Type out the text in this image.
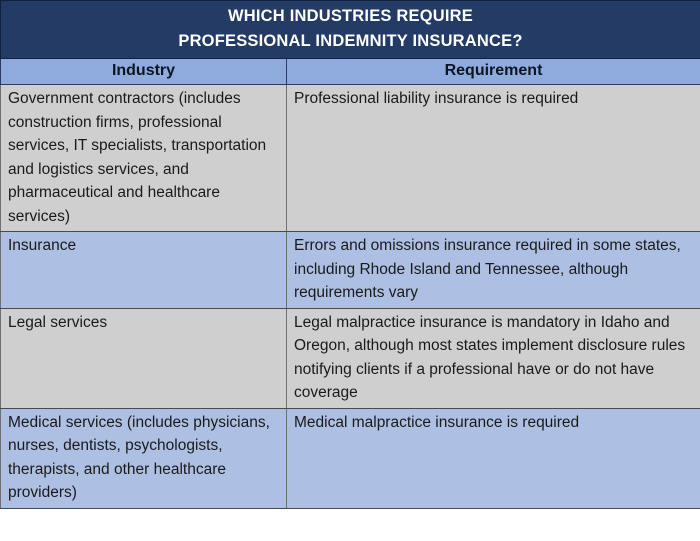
WHICH INDUSTRIES REQUIRE
PROFESSIONAL INDEMNITY INSURANCE?	

Industry	Requirement
Government contractors (includes construction firms, professional services, IT specialists, transportation and logistics services, and pharmaceutical and healthcare services)	Professional liability insurance is required
Insurance	Errors and omissions insurance required in some states, including Rhode Island and Tennessee, although requirements vary
Legal services	Legal malpractice insurance is mandatory in Idaho and Oregon, although most states implement disclosure rules notifying clients if a professional have or do not have coverage
Medical services (includes physicians, nurses, dentists, psychologists, therapists, and other healthcare providers)	Medical malpractice insurance is required
